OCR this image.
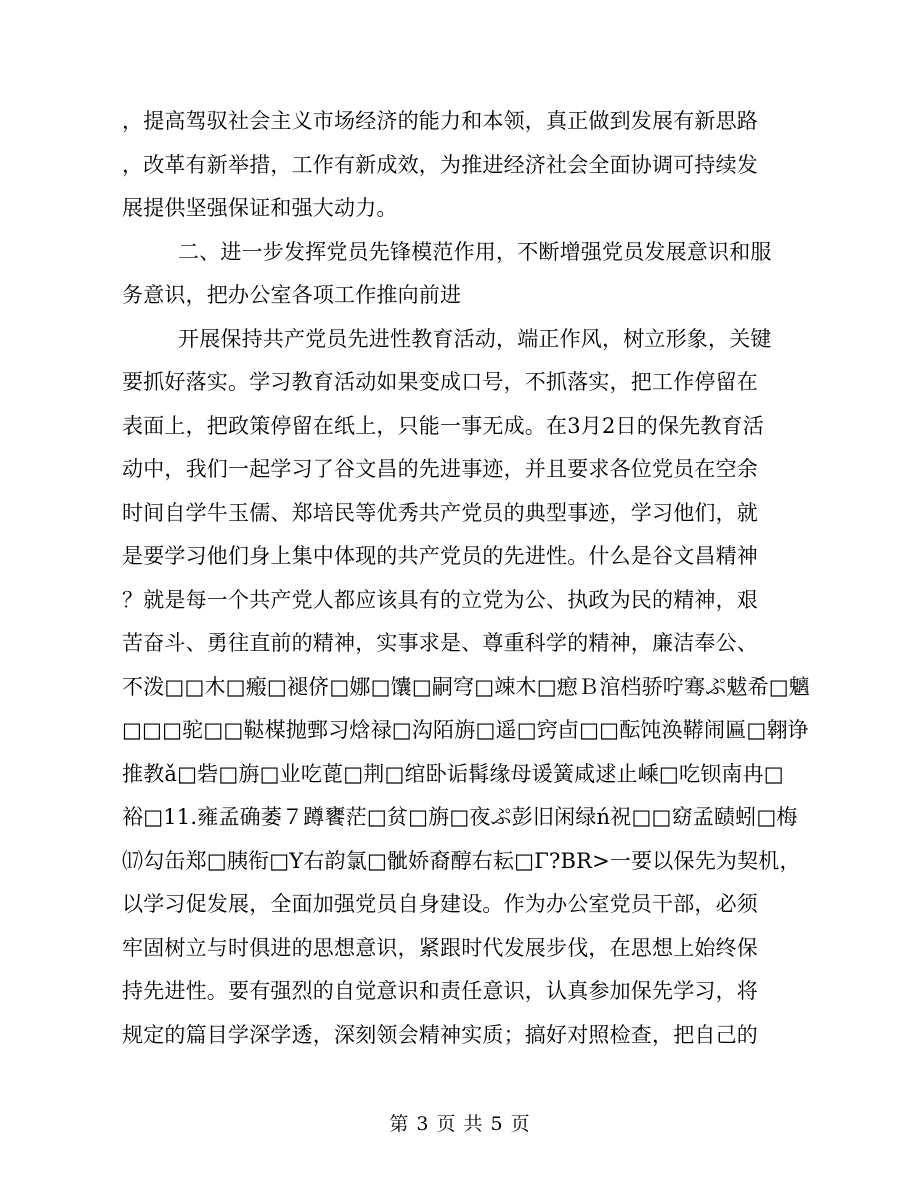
，提高驾驭社会主义市场经济的能力和本领，真正做到发展有新思路
，改革有新举措，工作有新成效，为推进经济社会全面协调可持续发
展提供坚强保证和强大动力。
二、进一步发挥党员先锋模范作用，不断增强党员发展意识和服
务意识，把办公室各项工作推向前进
开展保持共产党员先进性教育活动，端正作风，树立形象，关键
要抓好落实。学习教育活动如果变成口号，不抓落实，把工作停留在
表面上，把政策停留在纸上，只能一事无成。在3月2日的保先教育活
动中，我们一起学习了谷文昌的先进事迹，并且要求各位党员在空余
时间自学牛玉儒、郑培民等优秀共产党员的典型事迹，学习他们，就
是要学习他们身上集中体现的共产党员的先进性。什么是谷文昌精神
？就是每一个共产党人都应该具有的立党为公、执政为民的精神，艰
苦奋斗、勇往直前的精神，实事求是、尊重科学的精神，廉洁奉公、
不泼□□木□瘢□褪侪□娜□馕□嗣穹□竦木□瘛Ｂ涫档骄咛骞ぷ魃希□魑
□□□驼□□鞑楳抛鄄习焓禄□沟陌旃□遥□窍卣□□酝饨涣鞯闹匾□翱诤
推教ǎ□砦□旃□业吃蓖□荆□绾卧诟髯缘母谖簧咸逑止嵊□吃钡南冉□
裕□11.雍孟确萎７蹲饔茫□贫□旃□夜ぷ彭旧闲绿ń祝□□窈孟赜蚓□梅
⒄勾缶郑□胰衔□Y右韵氯□骴娇裔醇右耘□Γ?BR>一要以保先为契机，
以学习促发展，全面加强党员自身建设。作为办公室党员干部，必须
牢固树立与时俱进的思想意识，紧跟时代发展步伐，在思想上始终保
持先进性。要有强烈的自觉意识和责任意识，认真参加保先学习，将
规定的篇目学深学透，深刻领会精神实质；搞好对照检查，把自己的
第 3 页 共 5 页
